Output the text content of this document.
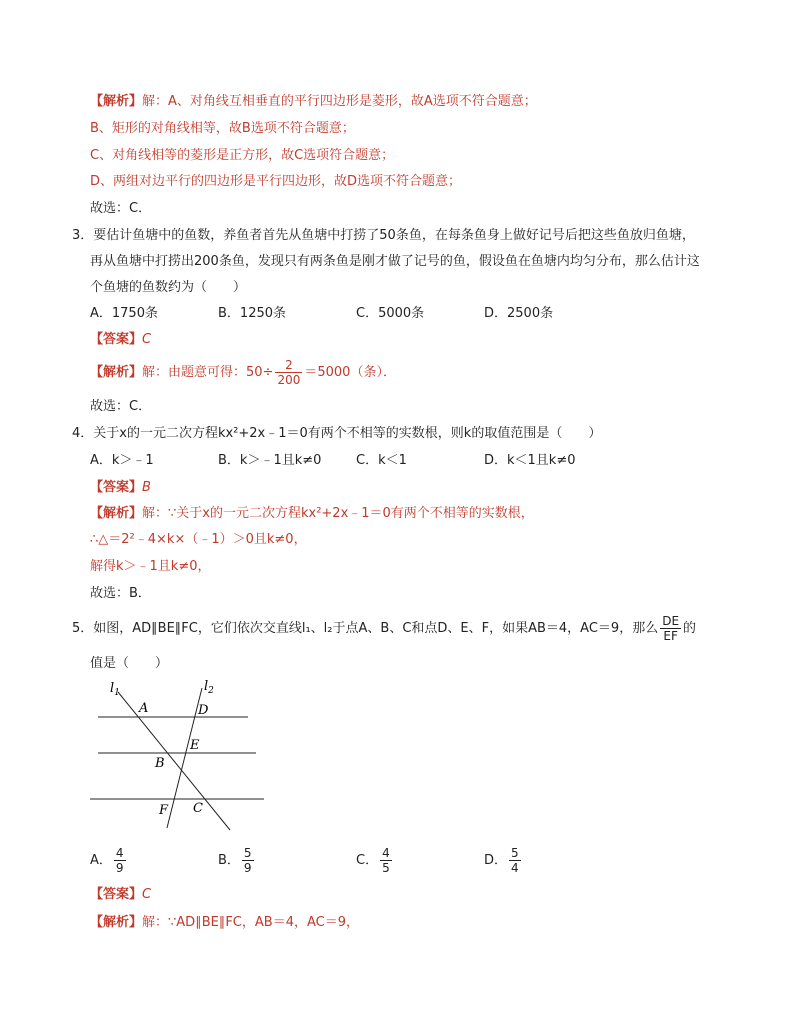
【解析】解：A、对角线互相垂直的平行四边形是菱形，故A选项不符合题意；
B、矩形的对角线相等，故B选项不符合题意；
C、对角线相等的菱形是正方形，故C选项符合题意；
D、两组对边平行的四边形是平行四边形，故D选项不符合题意；
故选：C．
3．要估计鱼塘中的鱼数，养鱼者首先从鱼塘中打捞了50条鱼，在每条鱼身上做好记号后把这些鱼放归鱼塘，
再从鱼塘中打捞出200条鱼，发现只有两条鱼是刚才做了记号的鱼，假设鱼在鱼塘内均匀分布，那么估计这
个鱼塘的鱼数约为（　　）
A．1750条	B．1250条	C．5000条	D．2500条
【答案】C
【解析】解：由题意可得：$50\div \frac{2}{200} =5000$（条）．
故选：C．
4．关于x的一元二次方程kx²+2x﹣1＝0有两个不相等的实数根，则k的取值范围是（　　）
A．k＞﹣1	B．k＞﹣1且k≠0	C．k＜1	D．k＜1且k≠0
【答案】B
【解析】解：∵关于x的一元二次方程kx²+2x﹣1＝0有两个不相等的实数根，
∴△＝2²﹣4×k×（﹣1）＞0且k≠0，
解得k＞﹣1且k≠0，
故选：B．
5．如图，AD∥BE∥FC，它们依次交直线l₁、l₂于点A、B、C和点D、E、F，如果AB＝4，AC＝9，那么 $\frac{DE}{EF}$ 的
值是（　　）
$l_1$	$l_2$
A	D
E
B
F C
A． $\frac{4}{9}$	B． $\frac{5}{9}$	C． $\frac{4}{5}$	D． $\frac{5}{4}$
【答案】C
【解析】解：∵AD∥BE∥FC，AB＝4，AC＝9，
